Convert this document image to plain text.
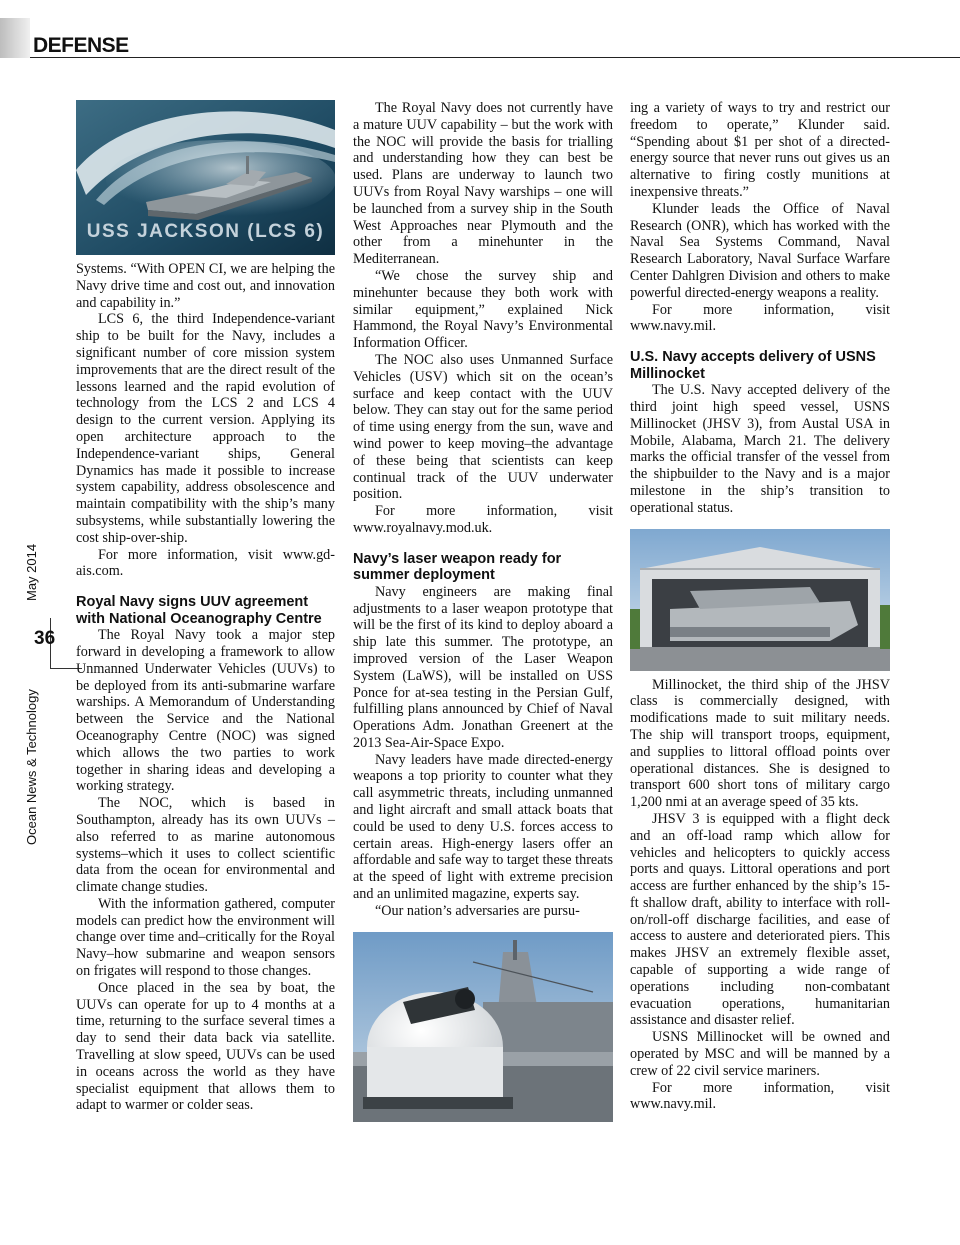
DEFENSE
May 2014
36
Ocean News & Technology
USS JACKSON (LCS 6)

Systems. “With OPEN CI, we are helping the Navy drive time and cost out, and innovation and capability in.”

LCS 6, the third Independence-variant ship to be built for the Navy, includes a significant number of core mission system improvements that are the direct result of the lessons learned and the rapid evolution of technology from the LCS 2 and LCS 4 design to the current version. Applying its open architecture approach to the Independence-variant ships, General Dynamics has made it possible to increase system capability, address obsolescence and maintain compatibility with the ship’s many subsystems, while substantially lowering the cost ship-over-ship.

For more information, visit www.gd-ais.com.

Royal Navy signs UUV agreement with National Oceanography Centre

The Royal Navy took a major step forward in developing a framework to allow Unmanned Underwater Vehicles (UUVs) to be deployed from its anti-submarine warfare warships. A Memorandum of Understanding between the Service and the National Oceanography Centre (NOC) was signed which allows the two parties to work together in sharing ideas and developing a working strategy.

The NOC, which is based in Southampton, already has its own UUVs –also referred to as marine autonomous systems–which it uses to collect scientific data from the ocean for environmental and climate change studies.

With the information gathered, computer models can predict how the environment will change over time and–critically for the Royal Navy–how submarine and weapon sensors on frigates will respond to those changes.

Once placed in the sea by boat, the UUVs can operate for up to 4 months at a time, returning to the surface several times a day to send their data back via satellite. Travelling at slow speed, UUVs can be used in oceans across the world as they have specialist equipment that allows them to adapt to warmer or colder seas.

The Royal Navy does not currently have a mature UUV capability – but the work with the NOC will provide the basis for trialling and understanding how they can best be used. Plans are underway to launch two UUVs from Royal Navy warships – one will be launched from a survey ship in the South West Approaches near Plymouth and the other from a minehunter in the Mediterranean.

“We chose the survey ship and minehunter because they both work with similar equipment,” explained Nick Hammond, the Royal Navy’s Environmental Information Officer.

The NOC also uses Unmanned Surface Vehicles (USV) which sit on the ocean’s surface and keep contact with the UUV below. They can stay out for the same period of time using energy from the sun, wave and wind power to keep moving–the advantage of these being that scientists can keep continual track of the UUV underwater position.

For more information, visit www.royalnavy.mod.uk.

Navy’s laser weapon ready for summer deployment

Navy engineers are making final adjustments to a laser weapon prototype that will be the first of its kind to deploy aboard a ship late this summer. The prototype, an improved version of the Laser Weapon System (LaWS), will be installed on USS Ponce for at-sea testing in the Persian Gulf, fulfilling plans announced by Chief of Naval Operations Adm. Jonathan Greenert at the 2013 Sea-Air-Space Expo.

Navy leaders have made directed-energy weapons a top priority to counter what they call asymmetric threats, including unmanned and light aircraft and small attack boats that could be used to deny U.S. forces access to certain areas. High-energy lasers offer an affordable and safe way to target these threats at the speed of light with extreme precision and an unlimited magazine, experts say.

“Our nation’s adversaries are pursu-

ing a variety of ways to try and restrict our freedom to operate,” Klunder said. “Spending about $1 per shot of a directed-energy source that never runs out gives us an alternative to firing costly munitions at inexpensive threats.”

Klunder leads the Office of Naval Research (ONR), which has worked with the Naval Sea Systems Command, Naval Research Laboratory, Naval Surface Warfare Center Dahlgren Division and others to make powerful directed-energy weapons a reality.

For more information, visit www.navy.mil.

U.S. Navy accepts delivery of USNS Millinocket

The U.S. Navy accepted delivery of the third joint high speed vessel, USNS Millinocket (JHSV 3), from Austal USA in Mobile, Alabama, March 21. The delivery marks the official transfer of the vessel from the shipbuilder to the Navy and is a major milestone in the ship’s transition to operational status.

Millinocket, the third ship of the JHSV class is commercially designed, with modifications made to suit military needs. The ship will transport troops, equipment, and supplies to littoral offload points over operational distances. She is designed to transport 600 short tons of military cargo 1,200 nmi at an average speed of 35 kts.

JHSV 3 is equipped with a flight deck and an off-load ramp which allow for vehicles and helicopters to quickly access ports and quays. Littoral operations and port access are further enhanced by the ship’s 15-ft shallow draft, ability to interface with roll-on/roll-off discharge facilities, and ease of access to austere and deteriorated piers. This makes JHSV an extremely flexible asset, capable of supporting a wide range of operations including non-combatant evacuation operations, humanitarian assistance and disaster relief.

USNS Millinocket will be owned and operated by MSC and will be manned by a crew of 22 civil service mariners.

For more information, visit www.navy.mil.
